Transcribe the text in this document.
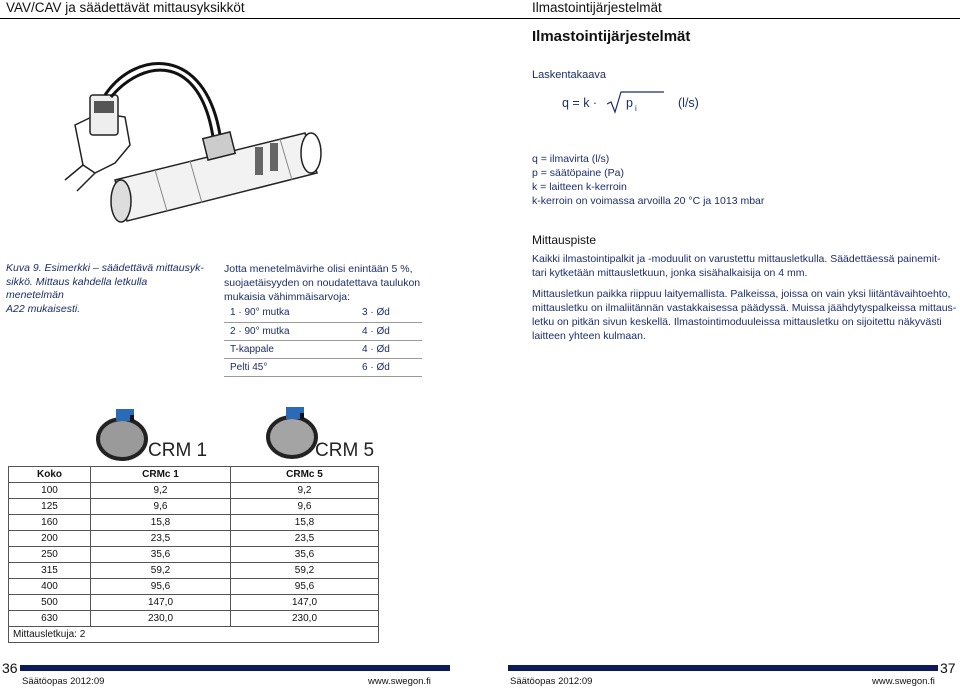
VAV/CAV ja säädettävät mittausyksikköt	Ilmastointijärjestelmät
Ilmastointijärjestelmät
Laskentakaava
q = k · p i	(l/s)
q = ilmavirta (l/s)
p = säätöpaine (Pa)
k = laitteen k-kerroin
k-kerroin on voimassa arvoilla 20 °C ja 1013 mbar
Kuva 9. Esimerkki – säädettävä mittausyk-
sikkö. Mittaus kahdella letkulla menetelmän
A22 mukaisesti.
Jotta menetelmävirhe olisi enintään 5 %,
suojaetäisyyden on noudatettava taulukon
mukaisia vähimmäisarvoja:
1 · 90° mutka	3 · Ød
2 · 90° mutka	4 · Ød
T-kappale	4 · Ød
Pelti 45°	6 · Ød
Mittauspiste
Kaikki ilmastointipalkit ja -moduulit on varustettu mittausletkulla. Säädettäessä painemit-
tari kytketään mittausletkuun, jonka sisähalkaisija on 4 mm.
Mittausletkun paikka riippuu laityemallista. Palkeissa, joissa on vain yksi liitäntävaihtoehto,
mittausletku on ilmaliitännän vastakkaisessa päädyssä. Muissa jäähdytyspalkeissa mittaus-
letku on pitkän sivun keskellä. Ilmastointimoduuleissa mittausletku on sijoitettu näkyvästi
laitteen yhteen kulmaan.
CRM 1	CRM 5
Koko	CRMc 1	CRMc 5
100	9,2	9,2
125	9,6	9,6
160	15,8	15,8
200	23,5	23,5
250	35,6	35,6
315	59,2	59,2
400	95,6	95,6
500	147,0	147,0
630	230,0	230,0
Mittausletkuja: 2		
36	37
Säätöopas 2012:09	www.swegon.fi	Säätöopas 2012:09	www.swegon.fi
